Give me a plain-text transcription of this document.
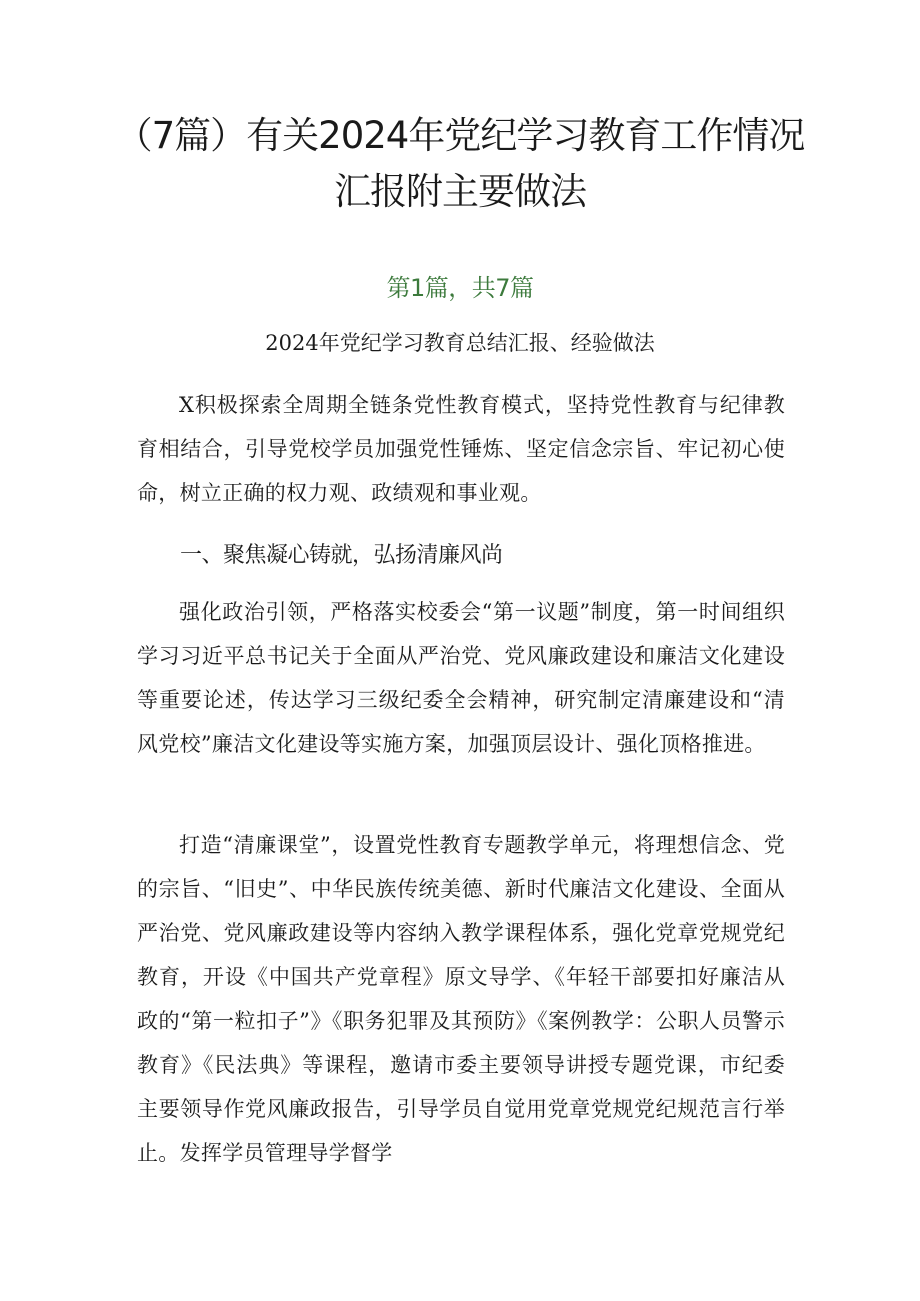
（7篇）有关2024年党纪学习教育工作情况汇报附主要做法

第1篇，共7篇

2024年党纪学习教育总结汇报、经验做法

X积极探索全周期全链条党性教育模式，坚持党性教育与纪律教育相结合，引导党校学员加强党性锤炼、坚定信念宗旨、牢记初心使命，树立正确的权力观、政绩观和事业观。

一、聚焦凝心铸就，弘扬清廉风尚

强化政治引领，严格落实校委会“第一议题”制度，第一时间组织学习习近平总书记关于全面从严治党、党风廉政建设和廉洁文化建设等重要论述，传达学习三级纪委全会精神，研究制定清廉建设和“清风党校”廉洁文化建设等实施方案，加强顶层设计、强化顶格推进。

打造“清廉课堂”，设置党性教育专题教学单元，将理想信念、党的宗旨、“旧史”、中华民族传统美德、新时代廉洁文化建设、全面从严治党、党风廉政建设等内容纳入教学课程体系，强化党章党规党纪教育，开设《中国共产党章程》原文导学、《年轻干部要扣好廉洁从政的“第一粒扣子”》《职务犯罪及其预防》《案例教学：公职人员警示教育》《民法典》等课程，邀请市委主要领导讲授专题党课，市纪委主要领导作党风廉政报告，引导学员自觉用党章党规党纪规范言行举止。发挥学员管理导学督学
